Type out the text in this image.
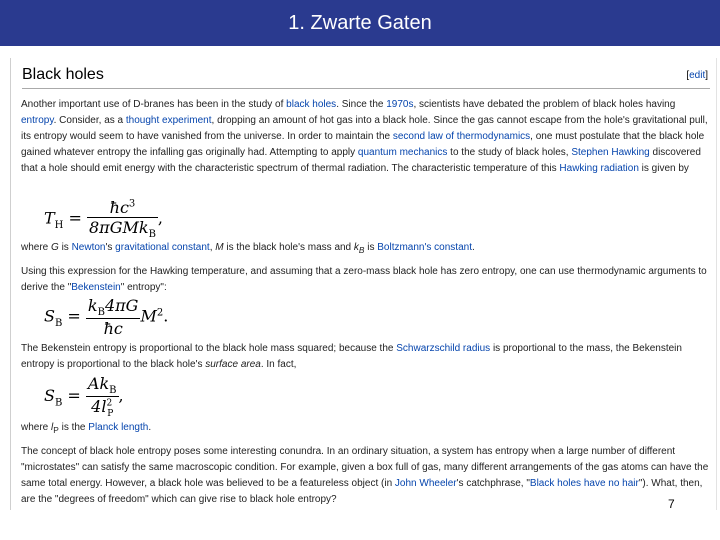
1. Zwarte Gaten
Black holes	[edit]
Another important use of D-branes has been in the study of black holes. Since the 1970s, scientists have debated the problem of black holes having entropy. Consider, as a thought experiment, dropping an amount of hot gas into a black hole. Since the gas cannot escape from the hole's gravitational pull, its entropy would seem to have vanished from the universe. In order to maintain the second law of thermodynamics, one must postulate that the black hole gained whatever entropy the infalling gas originally had. Attempting to apply quantum mechanics to the study of black holes, Stephen Hawking discovered that a hole should emit energy with the characteristic spectrum of thermal radiation. The characteristic temperature of this Hawking radiation is given by
$T_H = \frac{ħc^3}{8\pi GMk_B}$ ,
where G is Newton's gravitational constant, M is the black hole's mass and $k_B$ is Boltzmann's constant.
Using this expression for the Hawking temperature, and assuming that a zero-mass black hole has zero entropy, one can use thermodynamic arguments to derive the "Bekenstein" entropy":
$S_B = \frac{k_B4\pi G}{ħc} M^2$.
The Bekenstein entropy is proportional to the black hole mass squared; because the Schwarzschild radius is proportional to the mass, the Bekenstein entropy is proportional to the black hole's surface area. In fact,
$S_B = \frac{Ak_B}{4l^2_P}$ ,
where $l_P$ is the Planck length.
The concept of black hole entropy poses some interesting conundra. In an ordinary situation, a system has entropy when a large number of different "microstates" can satisfy the same macroscopic condition. For example, given a box full of gas, many different arrangements of the gas atoms can have the same total energy. However, a black hole was believed to be a featureless object (in John Wheeler's catchphrase, "Black holes have no hair"). What, then, are the "degrees of freedom" which can give rise to black hole entropy?	7
